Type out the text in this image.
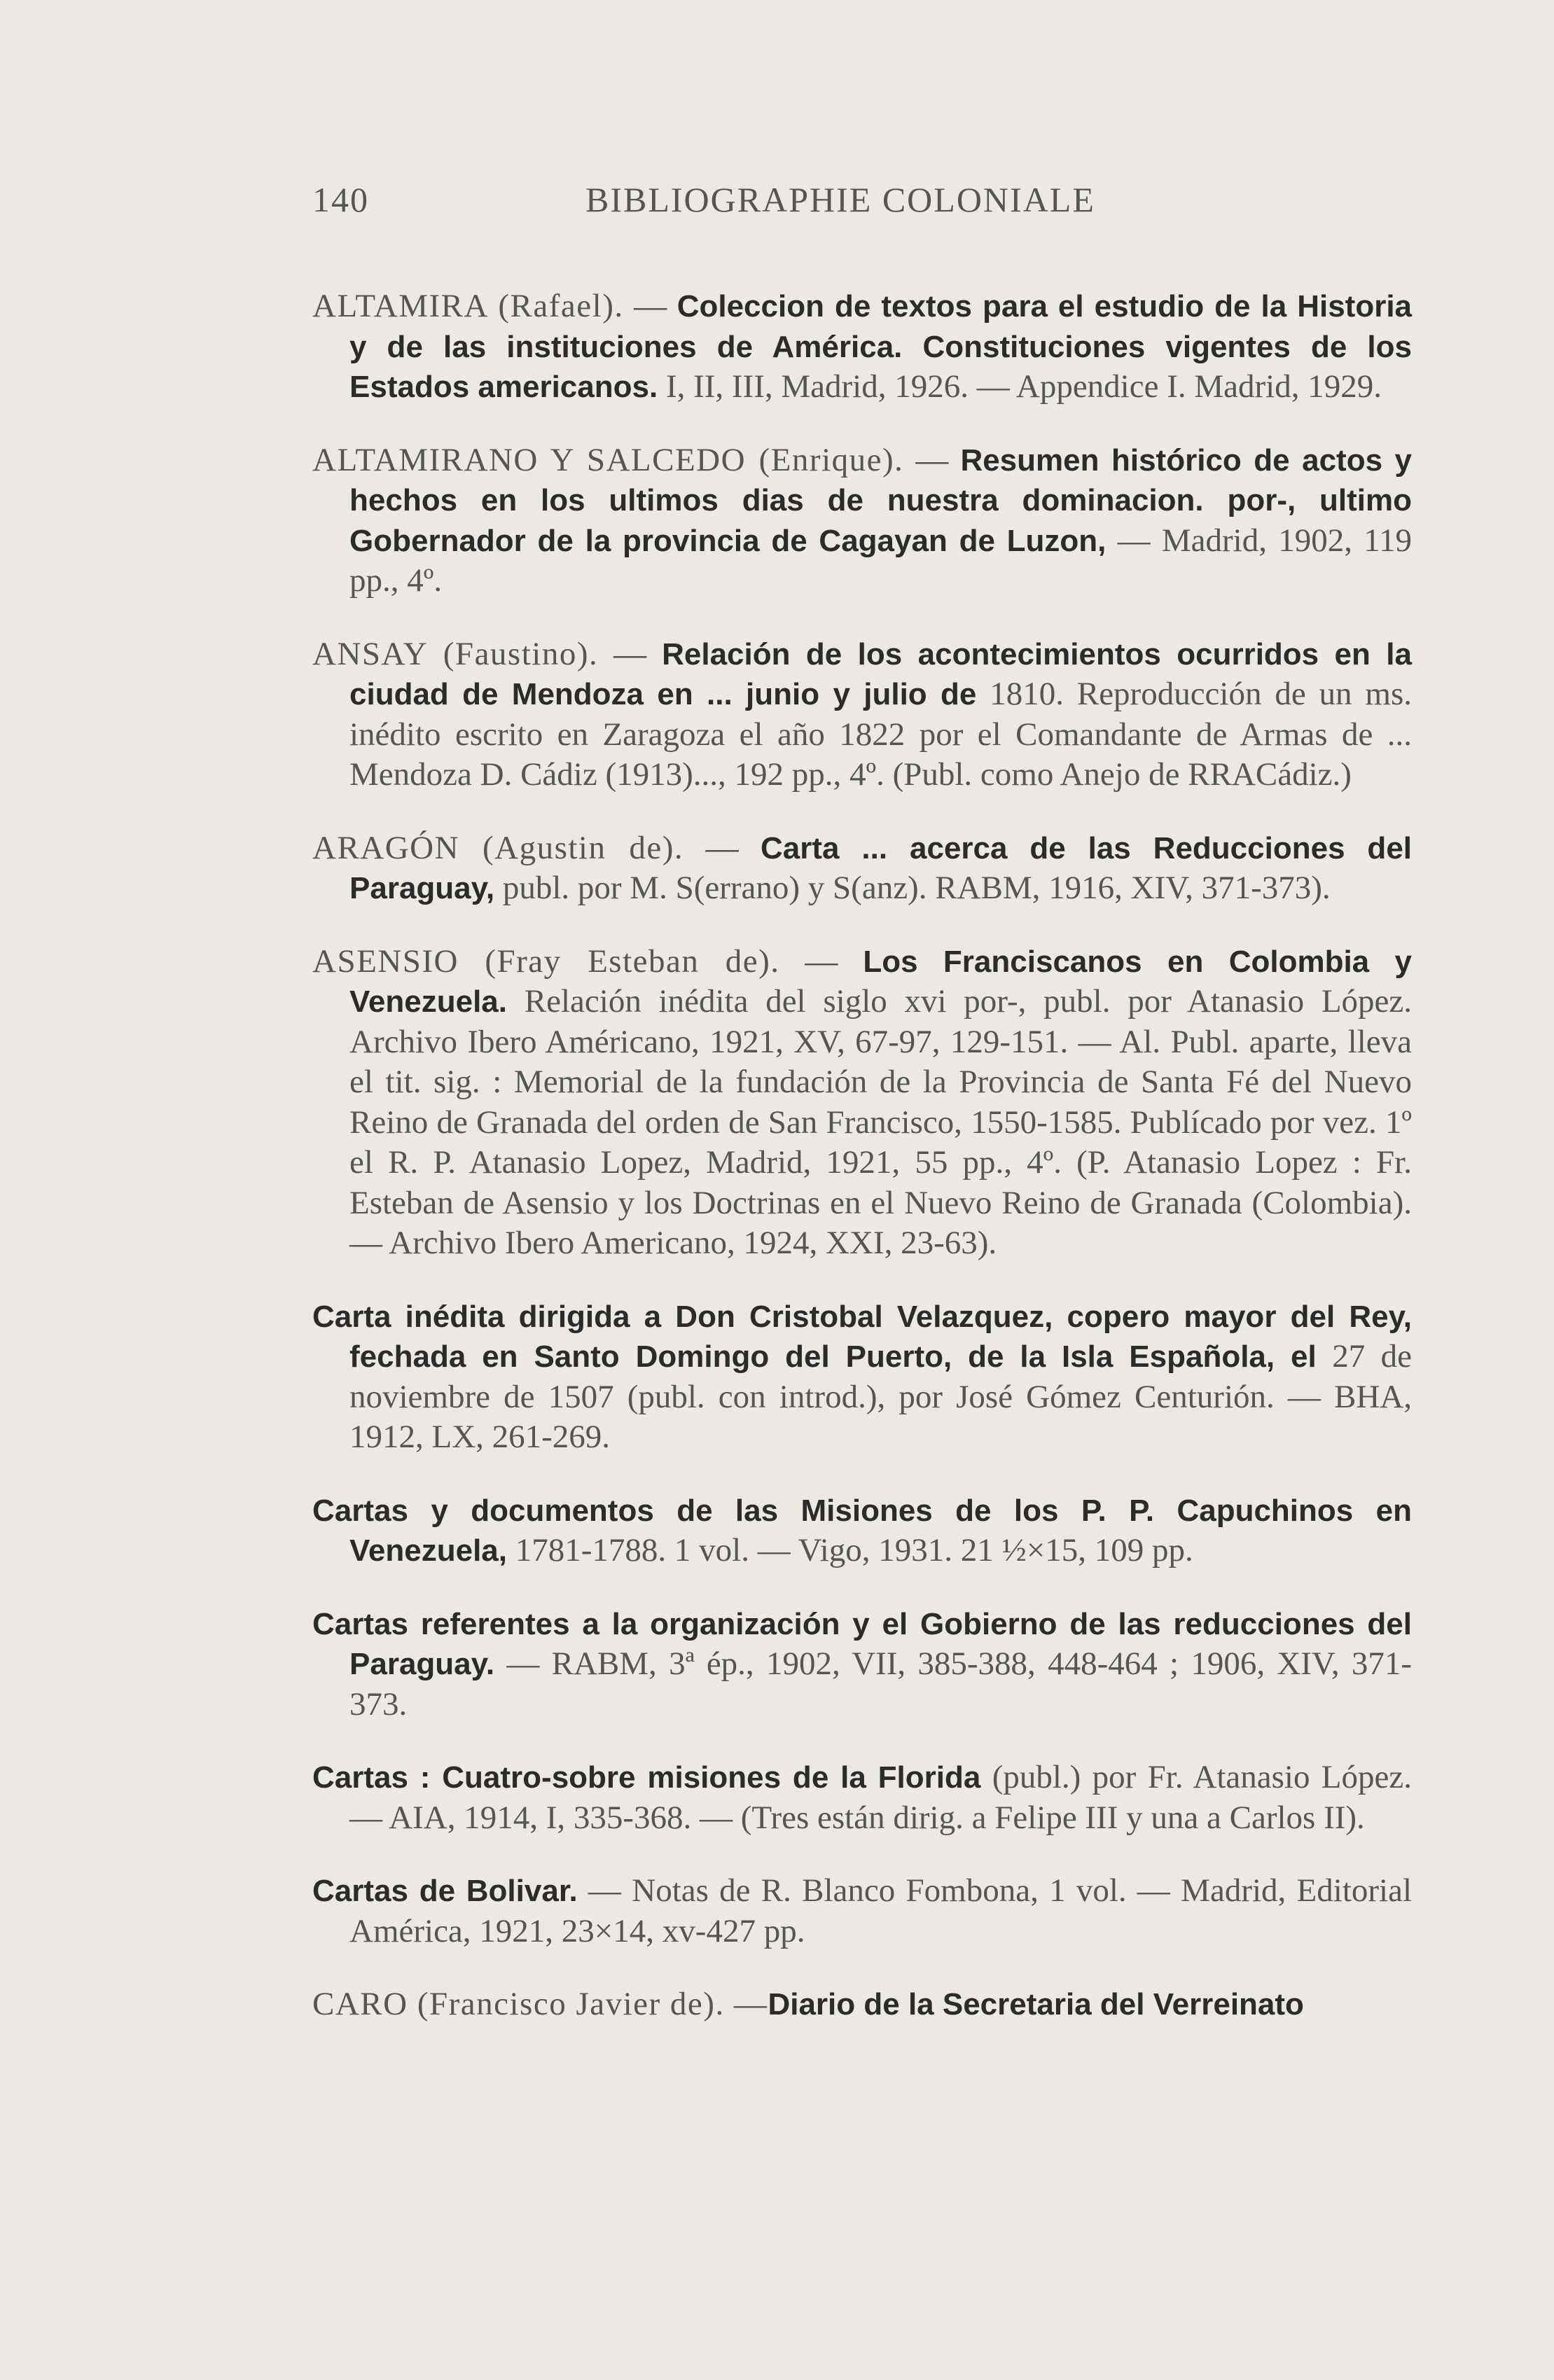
140	BIBLIOGRAPHIE COLONIALE

ALTAMIRA (Rafael). — Coleccion de textos para el estudio de la Historia y de las instituciones de América. Constituciones vigentes de los Estados americanos. I, II, III, Madrid, 1926. — Appendice I. Madrid, 1929.

ALTAMIRANO Y SALCEDO (Enrique). — Resumen histórico de actos y hechos en los ultimos dias de nuestra dominacion. por-, ultimo Gobernador de la provincia de Cagayan de Luzon, — Madrid, 1902, 119 pp., 4º.

ANSAY (Faustino). — Relación de los acontecimientos ocurridos en la ciudad de Mendoza en ... junio y julio de 1810. Reproducción de un ms. inédito escrito en Zaragoza el año 1822 por el Comandante de Armas de ... Mendoza D. Cádiz (1913)..., 192 pp., 4º. (Publ. como Anejo de RRACádiz.)

ARAGÓN (Agustin de). — Carta ... acerca de las Reducciones del Paraguay, publ. por M. S(errano) y S(anz). RABM, 1916, XIV, 371-373).

ASENSIO (Fray Esteban de). — Los Franciscanos en Colombia y Venezuela. Relación inédita del siglo xvi por-, publ. por Atanasio López. Archivo Ibero Américano, 1921, XV, 67-97, 129-151. — Al. Publ. aparte, lleva el tit. sig. : Memorial de la fundación de la Provincia de Santa Fé del Nuevo Reino de Granada del orden de San Francisco, 1550-1585. Publícado por vez. 1º el R. P. Atanasio Lopez, Madrid, 1921, 55 pp., 4º. (P. Atanasio Lopez : Fr. Esteban de Asensio y los Doctrinas en el Nuevo Reino de Granada (Colombia). — Archivo Ibero Americano, 1924, XXI, 23-63).

Carta inédita dirigida a Don Cristobal Velazquez, copero mayor del Rey, fechada en Santo Domingo del Puerto, de la Isla Española, el 27 de noviembre de 1507 (publ. con introd.), por José Gómez Centurión. — BHA, 1912, LX, 261-269.

Cartas y documentos de las Misiones de los P. P. Capuchinos en Venezuela, 1781-1788. 1 vol. — Vigo, 1931. 21 ½×15, 109 pp.

Cartas referentes a la organización y el Gobierno de las reducciones del Paraguay. — RABM, 3ª ép., 1902, VII, 385-388, 448-464 ; 1906, XIV, 371-373.

Cartas : Cuatro-sobre misiones de la Florida (publ.) por Fr. Atanasio López. — AIA, 1914, I, 335-368. — (Tres están dirig. a Felipe III y una a Carlos II).

Cartas de Bolivar. — Notas de R. Blanco Fombona, 1 vol. — Madrid, Editorial América, 1921, 23×14, xv-427 pp.

CARO (Francisco Javier de). —Diario de la Secretaria del Verreinato
